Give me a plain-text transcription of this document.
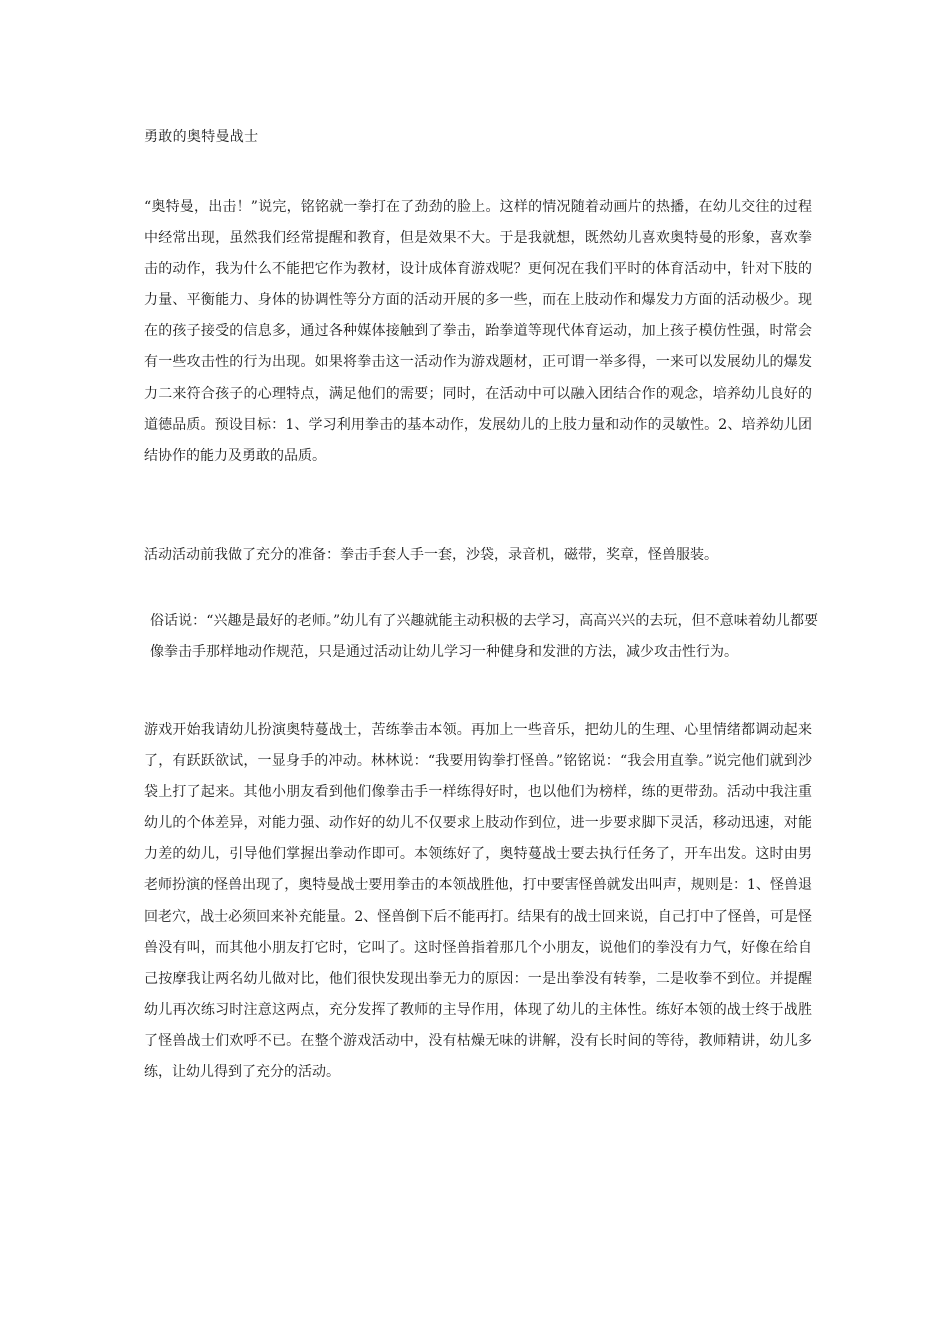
勇敢的奥特曼战士

“奥特曼，出击！”说完，铭铭就一拳打在了劲劲的脸上。这样的情况随着动画片的热播，在幼儿交往的过程中经常出现，虽然我们经常提醒和教育，但是效果不大。于是我就想，既然幼儿喜欢奥特曼的形象，喜欢拳击的动作，我为什么不能把它作为教材，设计成体育游戏呢？更何况在我们平时的体育活动中，针对下肢的力量、平衡能力、身体的协调性等分方面的活动开展的多一些，而在上肢动作和爆发力方面的活动极少。现在的孩子接受的信息多，通过各种媒体接触到了拳击，跆拳道等现代体育运动，加上孩子模仿性强，时常会有一些攻击性的行为出现。如果将拳击这一活动作为游戏题材，正可谓一举多得，一来可以发展幼儿的爆发力二来符合孩子的心理特点，满足他们的需要；同时，在活动中可以融入团结合作的观念，培养幼儿良好的道德品质。预设目标：1、学习利用拳击的基本动作，发展幼儿的上肢力量和动作的灵敏性。2、培养幼儿团结协作的能力及勇敢的品质。

活动活动前我做了充分的准备：拳击手套人手一套，沙袋，录音机，磁带，奖章，怪兽服装。

俗话说：“兴趣是最好的老师。”幼儿有了兴趣就能主动积极的去学习，高高兴兴的去玩，但不意味着幼儿都要像拳击手那样地动作规范，只是通过活动让幼儿学习一种健身和发泄的方法，减少攻击性行为。

游戏开始我请幼儿扮演奥特蔓战士，苦练拳击本领。再加上一些音乐，把幼儿的生理、心里情绪都调动起来了，有跃跃欲试，一显身手的冲动。林林说：“我要用钩拳打怪兽。”铭铭说：“我会用直拳。”说完他们就到沙袋上打了起来。其他小朋友看到他们像拳击手一样练得好时，也以他们为榜样，练的更带劲。活动中我注重幼儿的个体差异，对能力强、动作好的幼儿不仅要求上肢动作到位，进一步要求脚下灵活，移动迅速，对能力差的幼儿，引导他们掌握出拳动作即可。本领练好了，奥特蔓战士要去执行任务了，开车出发。这时由男老师扮演的怪兽出现了，奥特曼战士要用拳击的本领战胜他，打中要害怪兽就发出叫声，规则是：1、怪兽退回老穴，战士必须回来补充能量。2、怪兽倒下后不能再打。结果有的战士回来说，自己打中了怪兽，可是怪兽没有叫，而其他小朋友打它时，它叫了。这时怪兽指着那几个小朋友，说他们的拳没有力气，好像在给自己按摩我让两名幼儿做对比，他们很快发现出拳无力的原因：一是出拳没有转拳，二是收拳不到位。并提醒幼儿再次练习时注意这两点，充分发挥了教师的主导作用，体现了幼儿的主体性。练好本领的战士终于战胜了怪兽战士们欢呼不已。在整个游戏活动中，没有枯燥无味的讲解，没有长时间的等待，教师精讲，幼儿多练，让幼儿得到了充分的活动。
